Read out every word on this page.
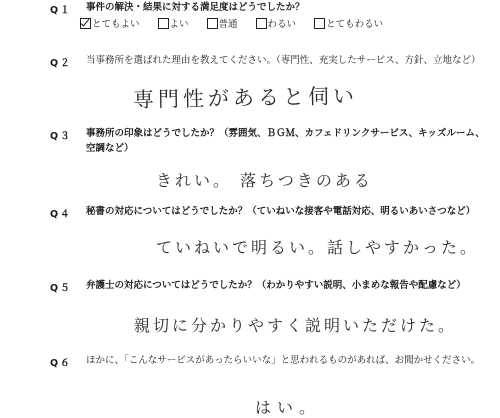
Q１ 事件の解決・結果に対する満足度はどうでしたか？
とてもよい	よい	普通	わるい	とてもわるい
Q２ 当事務所を選ばれた理由を教えてください。（専門性、充実したサービス、方針、立地など）
専門性があると伺い
Q３ 事務所の印象はどうでしたか？（雰囲気、ＢＧＭ、カフェドリンクサービス、キッズルーム、　空調など）
きれい。 落ちつきのある
Q４ 秘書の対応についてはどうでしたか？（ていねいな接客や電話対応、明るいあいさつなど）
ていねいで明るい。話しやすかった。
Q５ 弁護士の対応についてはどうでしたか？（わかりやすい説明、小まめな報告や配慮など）
親切に分かりやすく説明いただけた。
Q６ ほかに、「こんなサービスがあったらいいな」と思われるものがあれば、お聞かせください。
はい。
